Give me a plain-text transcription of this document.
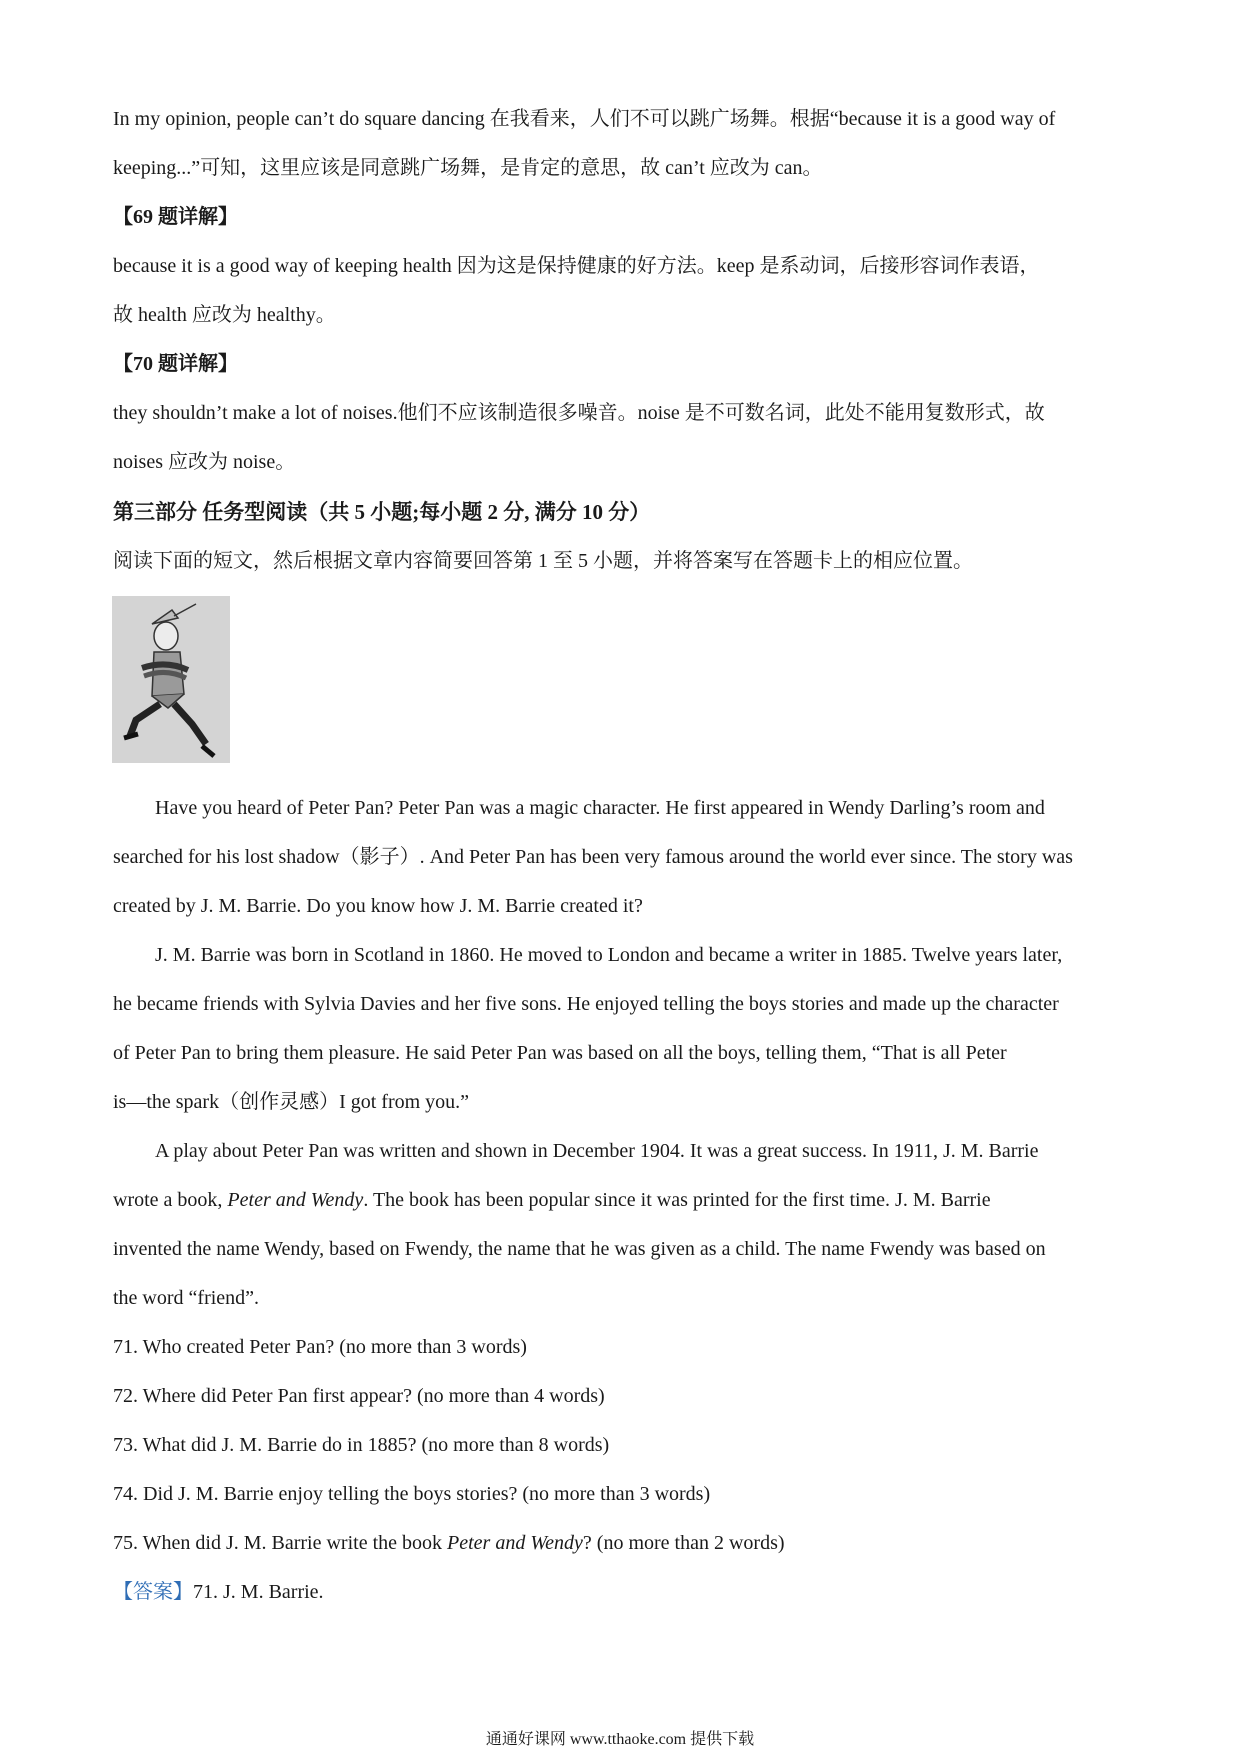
In my opinion, people can’t do square dancing 在我看来，人们不可以跳广场舞。根据“because it is a good way of
keeping...”可知，这里应该是同意跳广场舞，是肯定的意思，故 can’t 应改为 can。
【69 题详解】
because it is a good way of keeping health 因为这是保持健康的好方法。keep 是系动词，后接形容词作表语，
故 health 应改为 healthy。
【70 题详解】
they shouldn’t make a lot of noises.他们不应该制造很多噪音。noise 是不可数名词，此处不能用复数形式，故
noises 应改为 noise。
第三部分 任务型阅读（共 5 小题;每小题 2 分, 满分 10 分）
阅读下面的短文，然后根据文章内容简要回答第 1 至 5 小题，并将答案写在答题卡上的相应位置。
Have you heard of Peter Pan? Peter Pan was a magic character. He first appeared in Wendy Darling’s room and
searched for his lost shadow（影子）. And Peter Pan has been very famous around the world ever since. The story was
created by J. M. Barrie. Do you know how J. M. Barrie created it?
J. M. Barrie was born in Scotland in 1860. He moved to London and became a writer in 1885. Twelve years later,
he became friends with Sylvia Davies and her five sons. He enjoyed telling the boys stories and made up the character
of Peter Pan to bring them pleasure. He said Peter Pan was based on all the boys, telling them, “That is all Peter
is—the spark（创作灵感）I got from you.”
A play about Peter Pan was written and shown in December 1904. It was a great success. In 1911, J. M. Barrie
wrote a book, Peter and Wendy. The book has been popular since it was printed for the first time. J. M. Barrie
invented the name Wendy, based on Fwendy, the name that he was given as a child. The name Fwendy was based on
the word “friend”.
71. Who created Peter Pan? (no more than 3 words)
72. Where did Peter Pan first appear? (no more than 4 words)
73. What did J. M. Barrie do in 1885? (no more than 8 words)
74. Did J. M. Barrie enjoy telling the boys stories? (no more than 3 words)
75. When did J. M. Barrie write the book Peter and Wendy? (no more than 2 words)
【答案】71. J. M. Barrie.
通通好课网 www.tthaoke.com 提供下载
